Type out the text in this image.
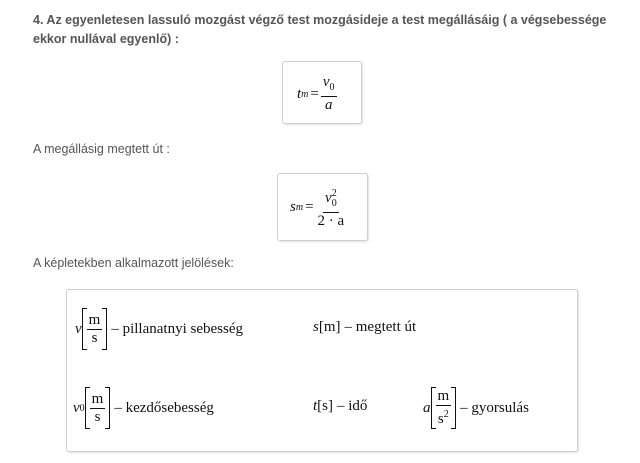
4. Az egyenletesen lassuló mozgást végző test mozgásideje a test megállásáig ( a végsebessége ekkor nullával egyenlő) :
t $m = \frac{v_0}{a}$
A megállásig megtett út :
s $m = \frac{v_0^2}{2 \cdot a}$
A képletekben alkalmazott jelölések:
v $\frac{m}{s}$ – pillanatnyi sebesség	s [m] – megtett út
v $0 \frac{m}{s}$ – kezdősebesség	t [s] – idő	a $\frac{m}{s^2}$ – gyorsulás
